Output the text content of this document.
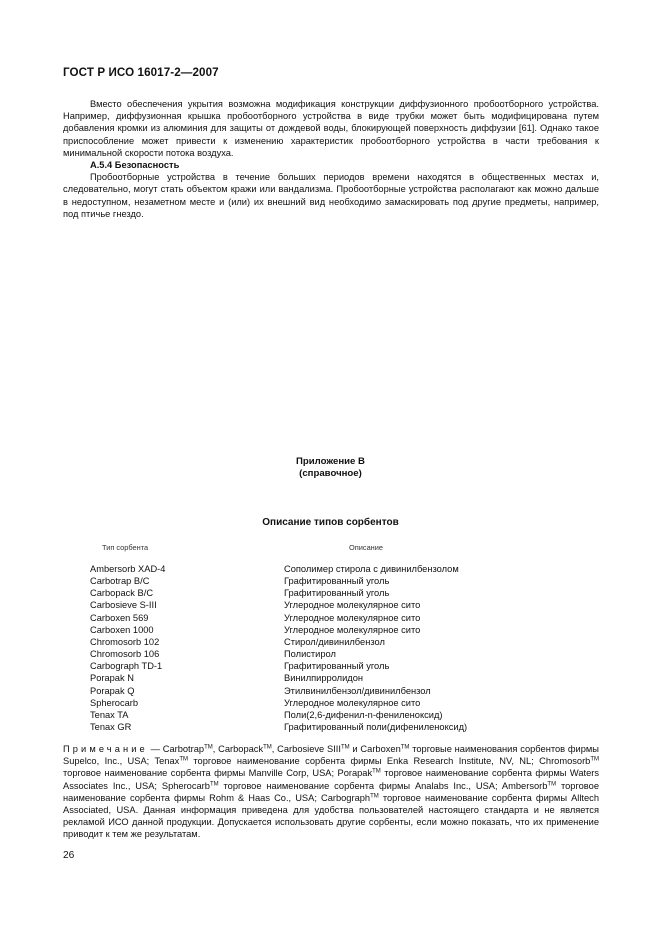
ГОСТ Р ИСО 16017-2—2007

Вместо обеспечения укрытия возможна модификация конструкции диффузионного пробоотборного устройства. Например, диффузионная крышка пробоотборного устройства в виде трубки может быть модифицирована путем добавления кромки из алюминия для защиты от дождевой воды, блокирующей поверхность диффузии [61]. Однако такое приспособление может привести к изменению характеристик пробоотборного устройства в части требования к минимальной скорости потока воздуха.

А.5.4 Безопасность

Пробоотборные устройства в течение больших периодов времени находятся в общественных местах и, следовательно, могут стать объектом кражи или вандализма. Пробоотборные устройства располагают как можно дальше в недоступном, незаметном месте и (или) их внешний вид необходимо замаскировать под другие предметы, например, под птичье гнездо.

Приложение В
(справочное)
Описание типов сорбентов
Тип сорбента	Описание
Ambersorb XAD-4	Сополимер стирола с дивинилбензолом
Carbotrap B/C	Графитированный уголь
Carbopack B/C	Графитированный уголь
Carbosieve S-III	Углеродное молекулярное сито
Carboxen 569	Углеродное молекулярное сито
Carboxen 1000	Углеродное молекулярное сито
Chromosorb 102	Стирол/дивинилбензол
Chromosorb 106	Полистирол
Carbograph TD-1	Графитированный уголь
Porapak N	Винилпирролидон
Porapak Q	Этилвинилбензол/дивинилбензол
Spherocarb	Углеродное молекулярное сито
Tenax TA	Поли(2,6-дифенил-n-фениленоксид)
Tenax GR	Графитированный поли(дифениленоксид)
Примечание — Carbotrap™, Carbopack™, Carbosieve SIII™ и Carboxen™ торговые наименования сорбентов фирмы Supelco, Inc., USA; Tenax™ торговое наименование сорбента фирмы Enka Research Institute, NV, NL; Chromosorb™ торговое наименование сорбента фирмы Manville Corp, USA; Porapak™ торговое наименование сорбента фирмы Waters Associates Inc., USA; Spherocarb™ торговое наименование сорбента фирмы Analabs Inc., USA; Ambersorb™ торговое наименование сорбента фирмы Rohm & Haas Co., USA; Carbograph™ торговое наименование сорбента фирмы Alltech Associated, USA. Данная информация приведена для удобства пользователей настоящего стандарта и не является рекламой ИСО данной продукции. Допускается использовать другие сорбенты, если можно показать, что их применение приводит к тем же результатам.
26
